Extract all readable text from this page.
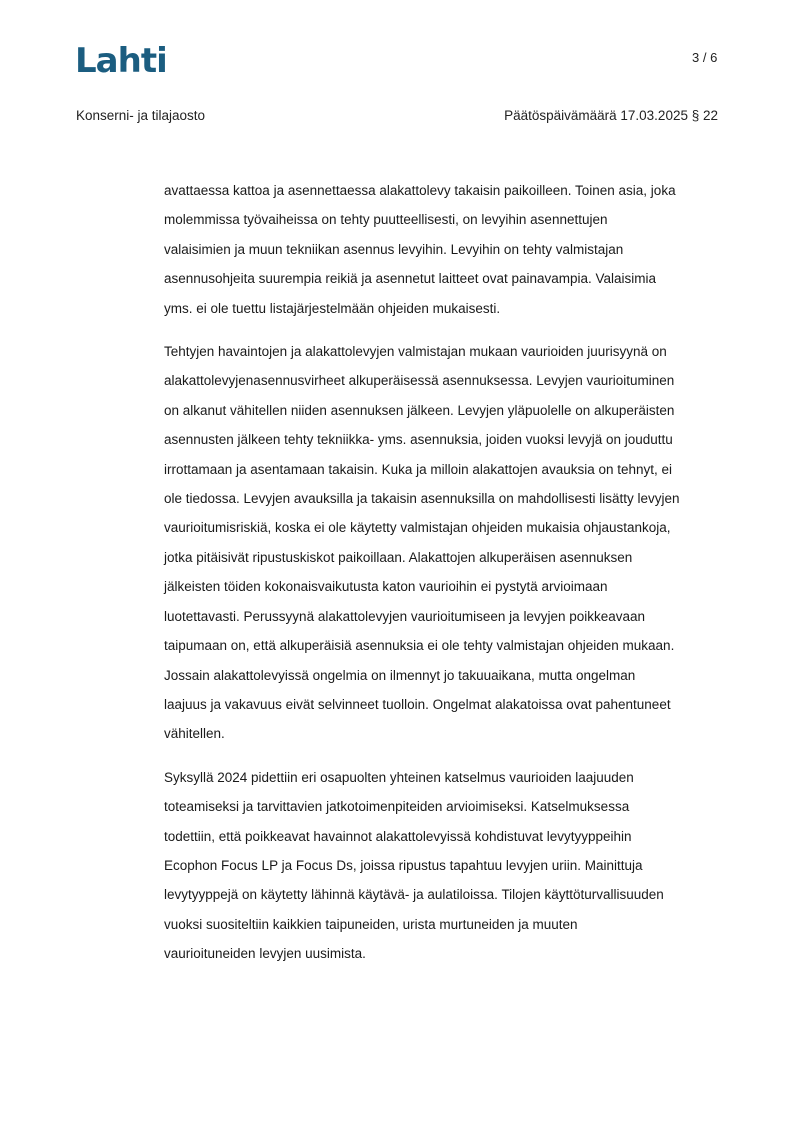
Lahti	3 / 6
Konserni- ja tilajaosto	Päätöspäivämäärä 17.03.2025 § 22

avattaessa kattoa ja asennettaessa alakattolevy takaisin paikoilleen. Toinen asia, joka
molemmissa työvaiheissa on tehty puutteellisesti, on levyihin asennettujen
valaisimien ja muun tekniikan asennus levyihin. Levyihin on tehty valmistajan
asennusohjeita suurempia reikiä ja asennetut laitteet ovat painavampia. Valaisimia
yms. ei ole tuettu listajärjestelmään ohjeiden mukaisesti.

Tehtyjen havaintojen ja alakattolevyjen valmistajan mukaan vaurioiden juurisyynä on
alakattolevyjenasennusvirheet alkuperäisessä asennuksessa. Levyjen vaurioituminen
on alkanut vähitellen niiden asennuksen jälkeen. Levyjen yläpuolelle on alkuperäisten
asennusten jälkeen tehty tekniikka- yms. asennuksia, joiden vuoksi levyjä on jouduttu
irrottamaan ja asentamaan takaisin. Kuka ja milloin alakattojen avauksia on tehnyt, ei
ole tiedossa. Levyjen avauksilla ja takaisin asennuksilla on mahdollisesti lisätty levyjen
vaurioitumisriskiä, koska ei ole käytetty valmistajan ohjeiden mukaisia ohjaustankoja,
jotka pitäisivät ripustuskiskot paikoillaan. Alakattojen alkuperäisen asennuksen
jälkeisten töiden kokonaisvaikutusta katon vaurioihin ei pystytä arvioimaan
luotettavasti. Perussyynä alakattolevyjen vaurioitumiseen ja levyjen poikkeavaan
taipumaan on, että alkuperäisiä asennuksia ei ole tehty valmistajan ohjeiden mukaan.
Jossain alakattolevyissä ongelmia on ilmennyt jo takuuaikana, mutta ongelman
laajuus ja vakavuus eivät selvinneet tuolloin. Ongelmat alakatoissa ovat pahentuneet
vähitellen.

Syksyllä 2024 pidettiin eri osapuolten yhteinen katselmus vaurioiden laajuuden
toteamiseksi ja tarvittavien jatkotoimenpiteiden arvioimiseksi. Katselmuksessa
todettiin, että poikkeavat havainnot alakattolevyissä kohdistuvat levytyyppeihin
Ecophon Focus LP ja Focus Ds, joissa ripustus tapahtuu levyjen uriin. Mainittuja
levytyyppejä on käytetty lähinnä käytävä- ja aulatiloissa. Tilojen käyttöturvallisuuden
vuoksi suositeltiin kaikkien taipuneiden, urista murtuneiden ja muuten
vaurioituneiden levyjen uusimista.
